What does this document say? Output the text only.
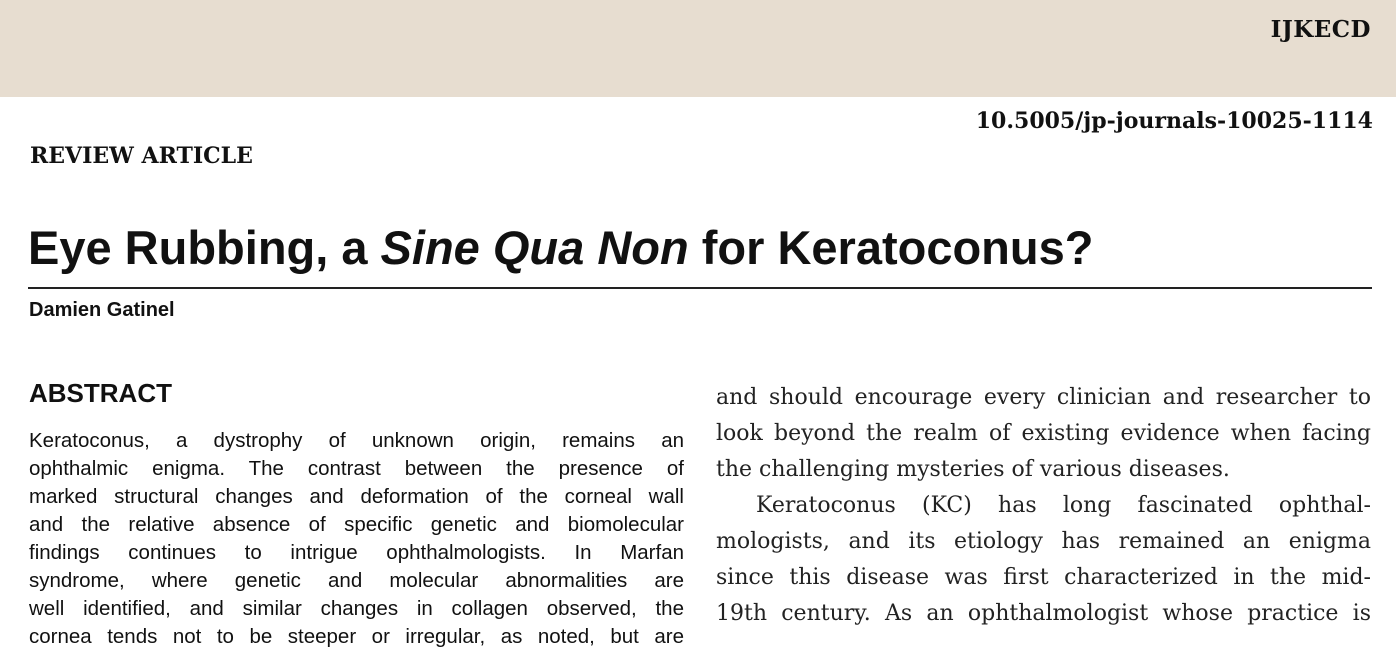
IJKECD
10.5005/jp-journals-10025-1114
REVIEW ARTICLE
Eye Rubbing, a Sine Qua Non for Keratoconus?
Damien Gatinel
ABSTRACT
Keratoconus, a dystrophy of unknown origin, remains an
ophthalmic enigma. The contrast between the presence of
marked structural changes and deformation of the corneal wall
and the relative absence of specific genetic and biomolecular
findings continues to intrigue ophthalmologists. In Marfan
syndrome, where genetic and molecular abnormalities are
well identified, and similar changes in collagen observed, the
cornea tends not to be steeper or irregular, as noted, but are
and should encourage every clinician and researcher to
look beyond the realm of existing evidence when facing
the challenging mysteries of various diseases.
Keratoconus (KC) has long fascinated ophthal-
mologists, and its etiology has remained an enigma
since this disease was first characterized in the mid-
19th century. As an ophthalmologist whose practice is
